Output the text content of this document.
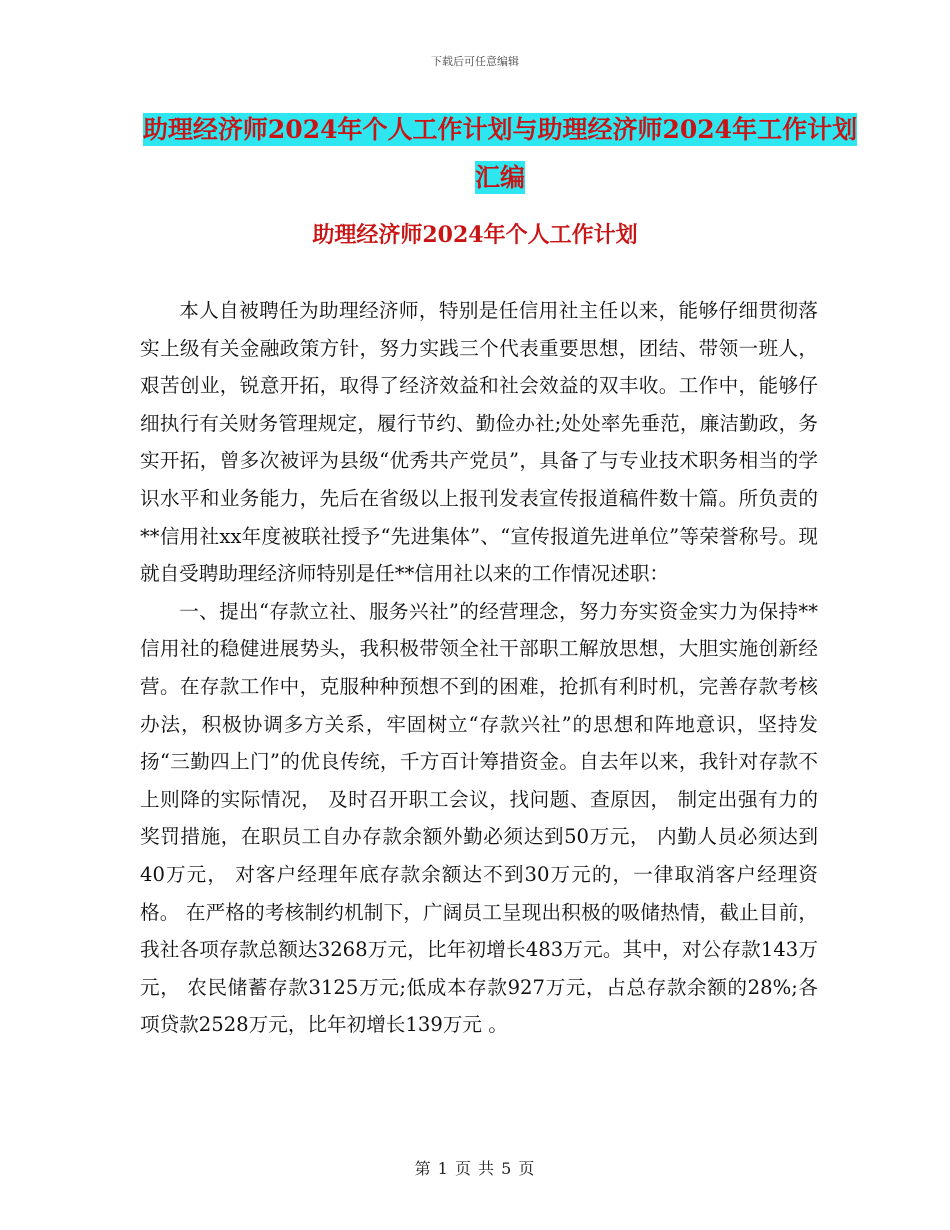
下载后可任意编辑
助理经济师2024年个人工作计划与助理经济师2024年工作计划汇编
助理经济师2024年个人工作计划

本人自被聘任为助理经济师，特别是任信用社主任以来，能够仔细贯彻落实上级有关金融政策方针，努力实践三个代表重要思想，团结、带领一班人，艰苦创业，锐意开拓，取得了经济效益和社会效益的双丰收。工作中，能够仔细执行有关财务管理规定，履行节约、勤俭办社;处处率先垂范，廉洁勤政，务实开拓，曾多次被评为县级“优秀共产党员”，具备了与专业技术职务相当的学识水平和业务能力，先后在省级以上报刊发表宣传报道稿件数十篇。所负责的**信用社xx年度被联社授予“先进集体”、“宣传报道先进单位”等荣誉称号。现就自受聘助理经济师特别是任**信用社以来的工作情况述职：

一、提出“存款立社、服务兴社”的经营理念，努力夯实资金实力为保持**信用社的稳健进展势头，我积极带领全社干部职工解放思想，大胆实施创新经营。在存款工作中，克服种种预想不到的困难，抢抓有利时机，完善存款考核办法，积极协调多方关系，牢固树立“存款兴社”的思想和阵地意识，坚持发扬“三勤四上门”的优良传统，千方百计筹措资金。自去年以来，我针对存款不上则降的实际情况， 及时召开职工会议，找问题、查原因， 制定出强有力的奖罚措施，在职员工自办存款余额外勤必须达到50万元， 内勤人员必须达到40万元， 对客户经理年底存款余额达不到30万元的，一律取消客户经理资格。 在严格的考核制约机制下，广阔员工呈现出积极的吸储热情，截止目前， 我社各项存款总额达3268万元，比年初增长483万元。其中，对公存款143万元， 农民储蓄存款3125万元;低成本存款927万元，占总存款余额的28%;各项贷款2528万元，比年初增长139万元 。

第 1 页 共 5 页
